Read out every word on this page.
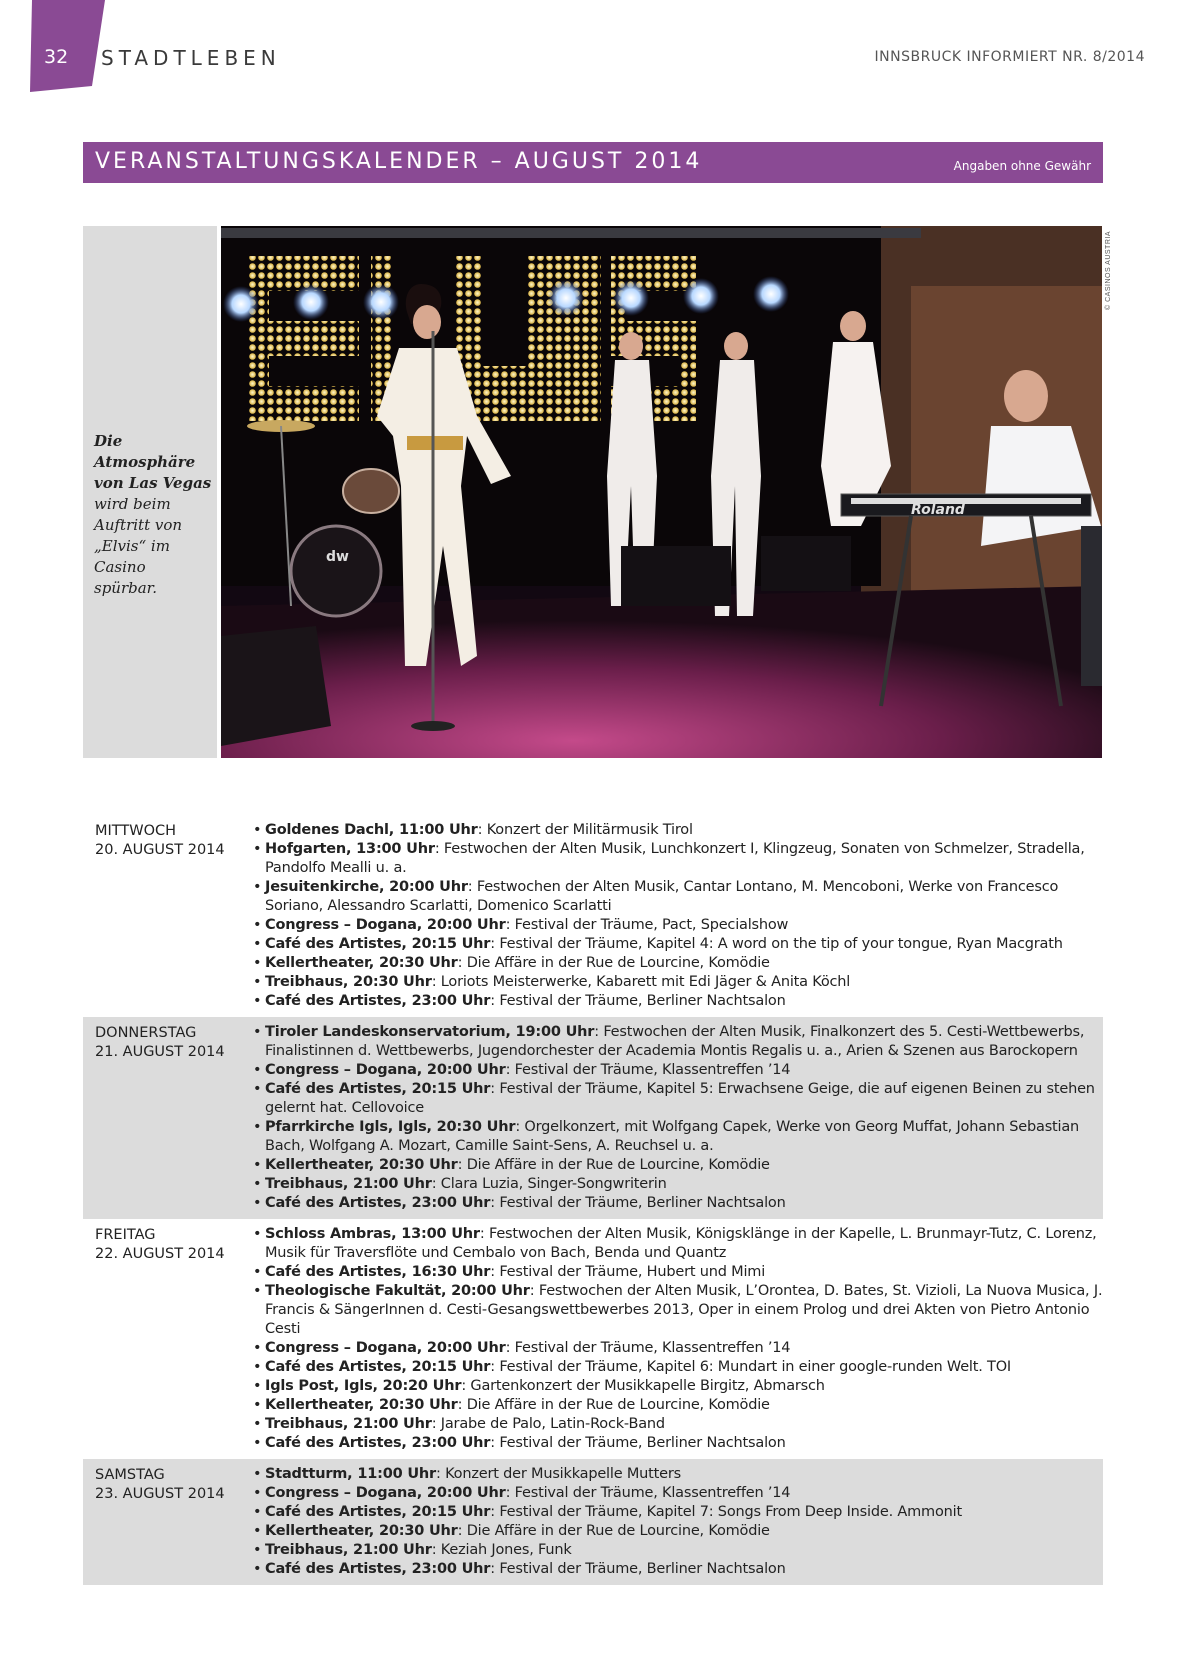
32 STADTLEBEN	INNSBRUCK INFORMIERT NR. 8/2014
VERANSTALTUNGSKALENDER – AUGUST 2014	Angaben ohne Gewähr
Die Atmosphäre von Las Vegas wird beim Auftritt von „Elvis“ im Casino spürbar.
dw
Roland
© CASINOS AUSTRIA
MITTWOCH
20. AUGUST 2014
• Goldenes Dachl, 11:00 Uhr: Konzert der Militärmusik Tirol
• Hofgarten, 13:00 Uhr: Festwochen der Alten Musik, Lunchkonzert I, Klingzeug, Sonaten von Schmelzer, Stradella, Pandolfo Mealli u. a.
• Jesuitenkirche, 20:00 Uhr: Festwochen der Alten Musik, Cantar Lontano, M. Mencoboni, Werke von Francesco Soriano, Alessandro Scarlatti, Domenico Scarlatti
• Congress – Dogana, 20:00 Uhr: Festival der Träume, Pact, Specialshow
• Café des Artistes, 20:15 Uhr: Festival der Träume, Kapitel 4: A word on the tip of your tongue, Ryan Macgrath
• Kellertheater, 20:30 Uhr: Die Affäre in der Rue de Lourcine, Komödie
• Treibhaus, 20:30 Uhr: Loriots Meisterwerke, Kabarett mit Edi Jäger & Anita Köchl
• Café des Artistes, 23:00 Uhr: Festival der Träume, Berliner Nachtsalon
DONNERSTAG
21. AUGUST 2014
• Tiroler Landeskonservatorium, 19:00 Uhr: Festwochen der Alten Musik, Finalkonzert des 5. Cesti-Wettbewerbs, Finalistinnen d. Wettbewerbs, Jugendorchester der Academia Montis Regalis u. a., Arien & Szenen aus Barockopern
• Congress – Dogana, 20:00 Uhr: Festival der Träume, Klassentreffen ’14
• Café des Artistes, 20:15 Uhr: Festival der Träume, Kapitel 5: Erwachsene Geige, die auf eigenen Beinen zu stehen gelernt hat. Cellovoice
• Pfarrkirche Igls, Igls, 20:30 Uhr: Orgelkonzert, mit Wolfgang Capek, Werke von Georg Muffat, Johann Sebastian Bach, Wolfgang A. Mozart, Camille Saint-Sens, A. Reuchsel u. a.
• Kellertheater, 20:30 Uhr: Die Affäre in der Rue de Lourcine, Komödie
• Treibhaus, 21:00 Uhr: Clara Luzia, Singer-Songwriterin
• Café des Artistes, 23:00 Uhr: Festival der Träume, Berliner Nachtsalon
FREITAG
22. AUGUST 2014
• Schloss Ambras, 13:00 Uhr: Festwochen der Alten Musik, Königsklänge in der Kapelle, L. Brunmayr-Tutz, C. Lorenz, Musik für Traversflöte und Cembalo von Bach, Benda und Quantz
• Café des Artistes, 16:30 Uhr: Festival der Träume, Hubert und Mimi
• Theologische Fakultät, 20:00 Uhr: Festwochen der Alten Musik, L’Orontea, D. Bates, St. Vizioli, La Nuova Musica, J. Francis & SängerInnen d. Cesti-Gesangswettbewerbes 2013, Oper in einem Prolog und drei Akten von Pietro Antonio Cesti
• Congress – Dogana, 20:00 Uhr: Festival der Träume, Klassentreffen ’14
• Café des Artistes, 20:15 Uhr: Festival der Träume, Kapitel 6: Mundart in einer google-runden Welt. TOI
• Igls Post, Igls, 20:20 Uhr: Gartenkonzert der Musikkapelle Birgitz, Abmarsch
• Kellertheater, 20:30 Uhr: Die Affäre in der Rue de Lourcine, Komödie
• Treibhaus, 21:00 Uhr: Jarabe de Palo, Latin-Rock-Band
• Café des Artistes, 23:00 Uhr: Festival der Träume, Berliner Nachtsalon
SAMSTAG
23. AUGUST 2014
• Stadtturm, 11:00 Uhr: Konzert der Musikkapelle Mutters
• Congress – Dogana, 20:00 Uhr: Festival der Träume, Klassentreffen ’14
• Café des Artistes, 20:15 Uhr: Festival der Träume, Kapitel 7: Songs From Deep Inside. Ammonit
• Kellertheater, 20:30 Uhr: Die Affäre in der Rue de Lourcine, Komödie
• Treibhaus, 21:00 Uhr: Keziah Jones, Funk
• Café des Artistes, 23:00 Uhr: Festival der Träume, Berliner Nachtsalon
